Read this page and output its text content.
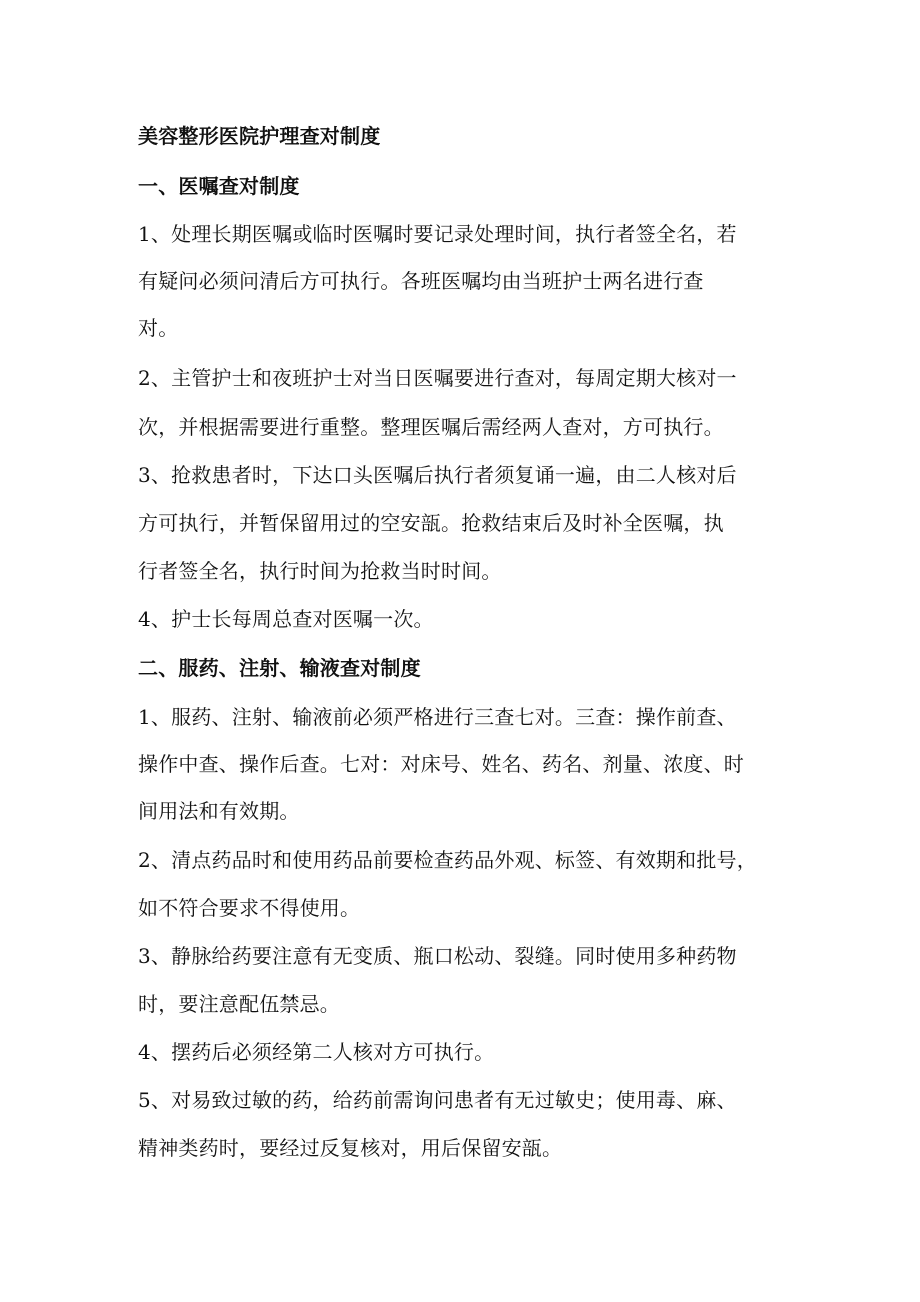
美容整形医院护理查对制度
一、医嘱查对制度
1、处理长期医嘱或临时医嘱时要记录处理时间，执行者签全名，若
有疑问必须问清后方可执行。各班医嘱均由当班护士两名进行查
对。
2、主管护士和夜班护士对当日医嘱要进行查对，每周定期大核对一
次，并根据需要进行重整。整理医嘱后需经两人查对，方可执行。
3、抢救患者时，下达口头医嘱后执行者须复诵一遍，由二人核对后
方可执行，并暂保留用过的空安瓿。抢救结束后及时补全医嘱，执
行者签全名，执行时间为抢救当时时间。
4、护士长每周总查对医嘱一次。
二、服药、注射、输液查对制度
1、服药、注射、输液前必须严格进行三查七对。三查：操作前查、
操作中查、操作后查。七对：对床号、姓名、药名、剂量、浓度、时
间用法和有效期。
2、清点药品时和使用药品前要检查药品外观、标签、有效期和批号，
如不符合要求不得使用。
3、静脉给药要注意有无变质、瓶口松动、裂缝。同时使用多种药物
时，要注意配伍禁忌。
4、摆药后必须经第二人核对方可执行。
5、对易致过敏的药，给药前需询问患者有无过敏史；使用毒、麻、
精神类药时，要经过反复核对，用后保留安瓿。
